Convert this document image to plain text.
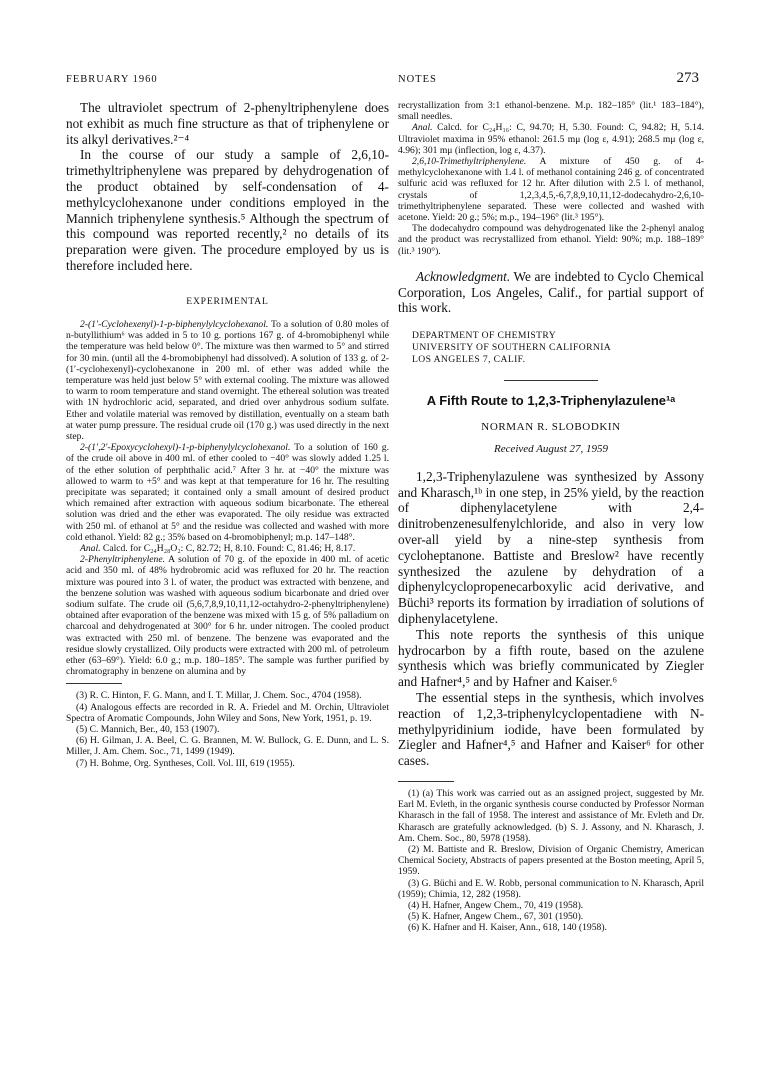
FEBRUARY 1960	NOTES	273

The ultraviolet spectrum of 2-phenyltriphenylene does not exhibit as much fine structure as that of triphenylene or its alkyl derivatives.²⁻⁴

In the course of our study a sample of 2,6,10-trimethyltriphenylene was prepared by dehydrogenation of the product obtained by self-condensation of 4-methylcyclohexanone under conditions employed in the Mannich triphenylene synthesis.⁵ Although the spectrum of this compound was reported recently,² no details of its preparation were given. The procedure employed by us is therefore included here.

EXPERIMENTAL

2-(1′-Cyclohexenyl)-1-p-biphenylylcyclohexanol. To a solution of 0.80 moles of n-butyllithium⁶ was added in 5 to 10 g. portions 167 g. of 4-bromobiphenyl while the temperature was held below 0°. The mixture was then warmed to 5° and stirred for 30 min. (until all the 4-bromobiphenyl had dissolved). A solution of 133 g. of 2-(1′-cyclohexenyl)-cyclohexanone in 200 ml. of ether was added while the temperature was held just below 5° with external cooling. The mixture was allowed to warm to room temperature and stand overnight. The ethereal solution was treated with 1N hydrochloric acid, separated, and dried over anhydrous sodium sulfate. Ether and volatile material was removed by distillation, eventually on a steam bath at water pump pressure. The residual crude oil (170 g.) was used directly in the next step.

2-(1′,2′-Epoxycyclohexyl)-1-p-biphenylylcyclohexanol. To a solution of 160 g. of the crude oil above in 400 ml. of ether cooled to −40° was slowly added 1.25 l. of the ether solution of perphthalic acid.⁷ After 3 hr. at −40° the mixture was allowed to warm to +5° and was kept at that temperature for 16 hr. The resulting precipitate was separated; it contained only a small amount of desired product which remained after extraction with aqueous sodium bicarbonate. The ethereal solution was dried and the ether was evaporated. The oily residue was extracted with 250 ml. of ethanol at 5° and the residue was collected and washed with more cold ethanol. Yield: 82 g.; 35% based on 4-bromobiphenyl; m.p. 147–148°.

Anal. Calcd. for C₂₄H₂₈O₂: C, 82.72; H, 8.10. Found: C, 81.46; H, 8.17.

2-Phenyltriphenylene. A solution of 70 g. of the epoxide in 400 ml. of acetic acid and 350 ml. of 48% hydrobromic acid was refluxed for 20 hr. The reaction mixture was poured into 3 l. of water, the product was extracted with benzene, and the benzene solution was washed with aqueous sodium bicarbonate and dried over sodium sulfate. The crude oil (5,6,7,8,9,10,11,12-octahydro-2-phenyltriphenylene) obtained after evaporation of the benzene was mixed with 15 g. of 5% palladium on charcoal and dehydrogenated at 300° for 6 hr. under nitrogen. The cooled product was extracted with 250 ml. of benzene. The benzene was evaporated and the residue slowly crystallized. Oily products were extracted with 200 ml. of petroleum ether (63–69°). Yield: 6.0 g.; m.p. 180–185°. The sample was further purified by chromatography in benzene on alumina and by

(3) R. C. Hinton, F. G. Mann, and I. T. Millar, J. Chem. Soc., 4704 (1958).

(4) Analogous effects are recorded in R. A. Friedel and M. Orchin, Ultraviolet Spectra of Aromatic Compounds, John Wiley and Sons, New York, 1951, p. 19.

(5) C. Mannich, Ber., 40, 153 (1907).

(6) H. Gilman, J. A. Beel, C. G. Brannen, M. W. Bullock, G. E. Dunn, and L. S. Miller, J. Am. Chem. Soc., 71, 1499 (1949).

(7) H. Bohme, Org. Syntheses, Coll. Vol. III, 619 (1955).

recrystallization from 3:1 ethanol-benzene. M.p. 182–185° (lit.¹ 183–184°), small needles.

Anal. Calcd. for C₂₄H₁₆: C, 94.70; H, 5.30. Found: C, 94.82; H, 5.14. Ultraviolet maxima in 95% ethanol: 261.5 mμ (log ε, 4.91); 268.5 mμ (log ε, 4.96); 301 mμ (inflection, log ε, 4.37).

2,6,10-Trimethyltriphenylene. A mixture of 450 g. of 4-methylcyclohexanone with 1.4 l. of methanol containing 246 g. of concentrated sulfuric acid was refluxed for 12 hr. After dilution with 2.5 l. of methanol, crystals of 1,2,3,4,5,-6,7,8,9,10,11,12-dodecahydro-2,6,10-trimethyltriphenylene separated. These were collected and washed with acetone. Yield: 20 g.; 5%; m.p., 194–196° (lit.³ 195°).

The dodecahydro compound was dehydrogenated like the 2-phenyl analog and the product was recrystallized from ethanol. Yield: 90%; m.p. 188–189° (lit.³ 190°).

Acknowledgment. We are indebted to Cyclo Chemical Corporation, Los Angeles, Calif., for partial support of this work.

DEPARTMENT OF CHEMISTRY
UNIVERSITY OF SOUTHERN CALIFORNIA
LOS ANGELES 7, CALIF.
A Fifth Route to 1,2,3-Triphenylazulene¹ᵃ
NORMAN R. SLOBODKIN
Received August 27, 1959

1,2,3-Triphenylazulene was synthesized by Assony and Kharasch,¹ᵇ in one step, in 25% yield, by the reaction of diphenylacetylene with 2,4-dinitrobenzenesulfenylchloride, and also in very low over-all yield by a nine-step synthesis from cycloheptanone. Battiste and Breslow² have recently synthesized the azulene by dehydration of a diphenylcyclopropenecarboxylic acid derivative, and Büchi³ reports its formation by irradiation of solutions of diphenylacetylene.

This note reports the synthesis of this unique hydrocarbon by a fifth route, based on the azulene synthesis which was briefly communicated by Ziegler and Hafner⁴,⁵ and by Hafner and Kaiser.⁶

The essential steps in the synthesis, which involves reaction of 1,2,3-triphenylcyclopentadiene with N-methylpyridinium iodide, have been formulated by Ziegler and Hafner⁴,⁵ and Hafner and Kaiser⁶ for other cases.

(1) (a) This work was carried out as an assigned project, suggested by Mr. Earl M. Evleth, in the organic synthesis course conducted by Professor Norman Kharasch in the fall of 1958. The interest and assistance of Mr. Evleth and Dr. Kharasch are gratefully acknowledged. (b) S. J. Assony, and N. Kharasch, J. Am. Chem. Soc., 80, 5978 (1958).

(2) M. Battiste and R. Breslow, Division of Organic Chemistry, American Chemical Society, Abstracts of papers presented at the Boston meeting, April 5, 1959.

(3) G. Büchi and E. W. Robb, personal communication to N. Kharasch, April (1959); Chimia, 12, 282 (1958).

(4) H. Hafner, Angew Chem., 70, 419 (1958).

(5) K. Hafner, Angew Chem., 67, 301 (1950).

(6) K. Hafner and H. Kaiser, Ann., 618, 140 (1958).
